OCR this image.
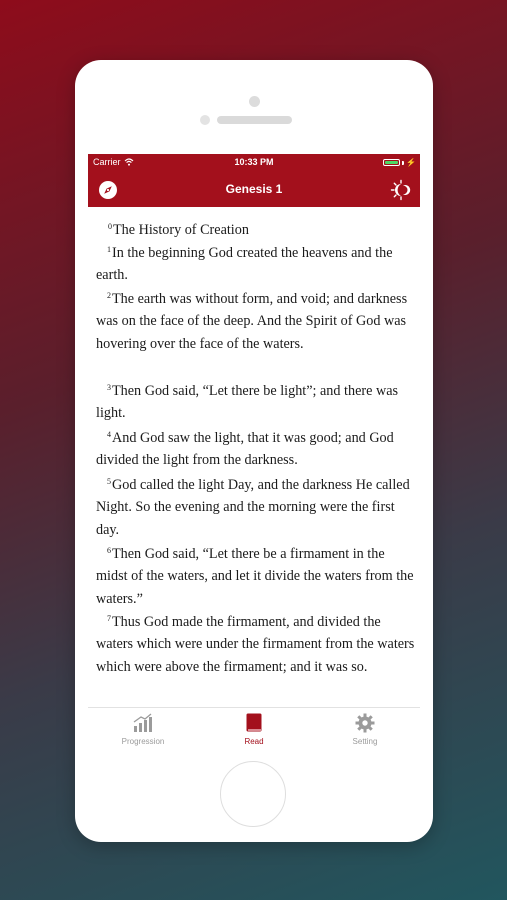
Carrier	10:33 PM	⚡
Genesis 1
$^0$The History of Creation
$^1$In the beginning God created the heavens and the earth.
$^2$The earth was without form, and void; and darkness was on the face of the deep. And the Spirit of God was hovering over the face of the waters.
$^3$Then God said, “Let there be light”; and there was light.
$^4$And God saw the light, that it was good; and God divided the light from the darkness.
$^5$God called the light Day, and the darkness He called Night. So the evening and the morning were the first day.
$^6$Then God said, “Let there be a firmament in the midst of the waters, and let it divide the waters from the waters.”
$^7$Thus God made the firmament, and divided the waters which were under the firmament from the waters which were above the firmament; and it was so.
Progression	Read	Setting
